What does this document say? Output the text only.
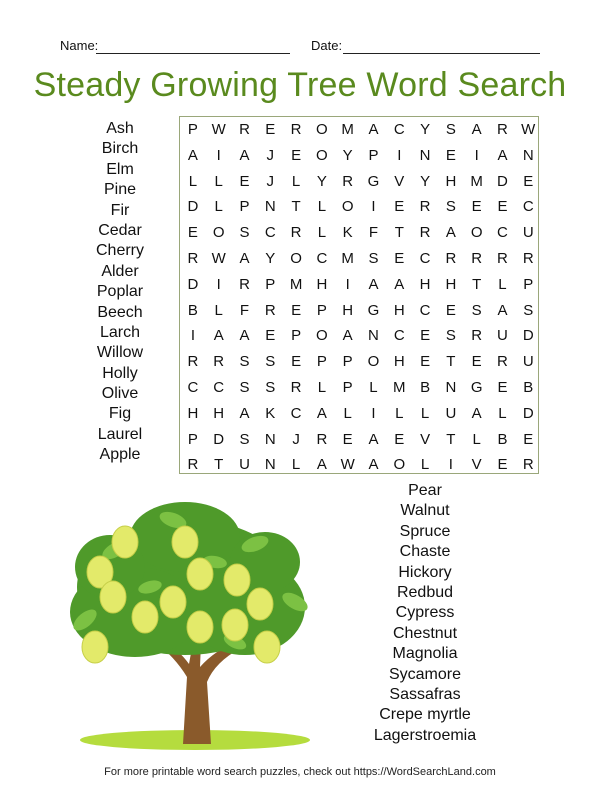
Name:	Date:
Steady Growing Tree Word Search
Ash
Birch
Elm
Pine
Fir
Cedar
Cherry
Alder
Poplar
Beech
Larch
Willow
Holly
Olive
Fig
Laurel
Apple
P W R	E	R O M A	C	Y	S	A	R W
A	I	A	J	E O Y	P	I	N	E	I	A	N
L	L	E	J	L	Y	R G V	Y	H M D	E
D	L	P	N	T	L	O	I	E	R	S	E	E	C
E O S	C R	L	K	F	T	R	A O C U
R W A	Y O C M S	E	C R R R R
D	I	R	P M H	I	A	A	H H	T	L	P
B	L	F	R	E	P	H G H C	E	S	A	S
I	A	A	E	P O A	N C	E	S	R U D
R R	S	S	E	P	P O H	E	T	E	R U
C C	S	S	R	L	P	L	M B	N G E	B
H H	A	K	C	A	L	I	L	L	U	A	L	D
P	D	S	N	J	R	E	A	E	V	T	L	B	E
R	T	U N	L	A W A O	L	I	V	E	R
Pear
Walnut
Spruce
Chaste
Hickory
Redbud
Cypress
Chestnut
Magnolia
Sycamore
Sassafras
Crepe myrtle
Lagerstroemia
For more printable word search puzzles, check out https://WordSearchLand.com
